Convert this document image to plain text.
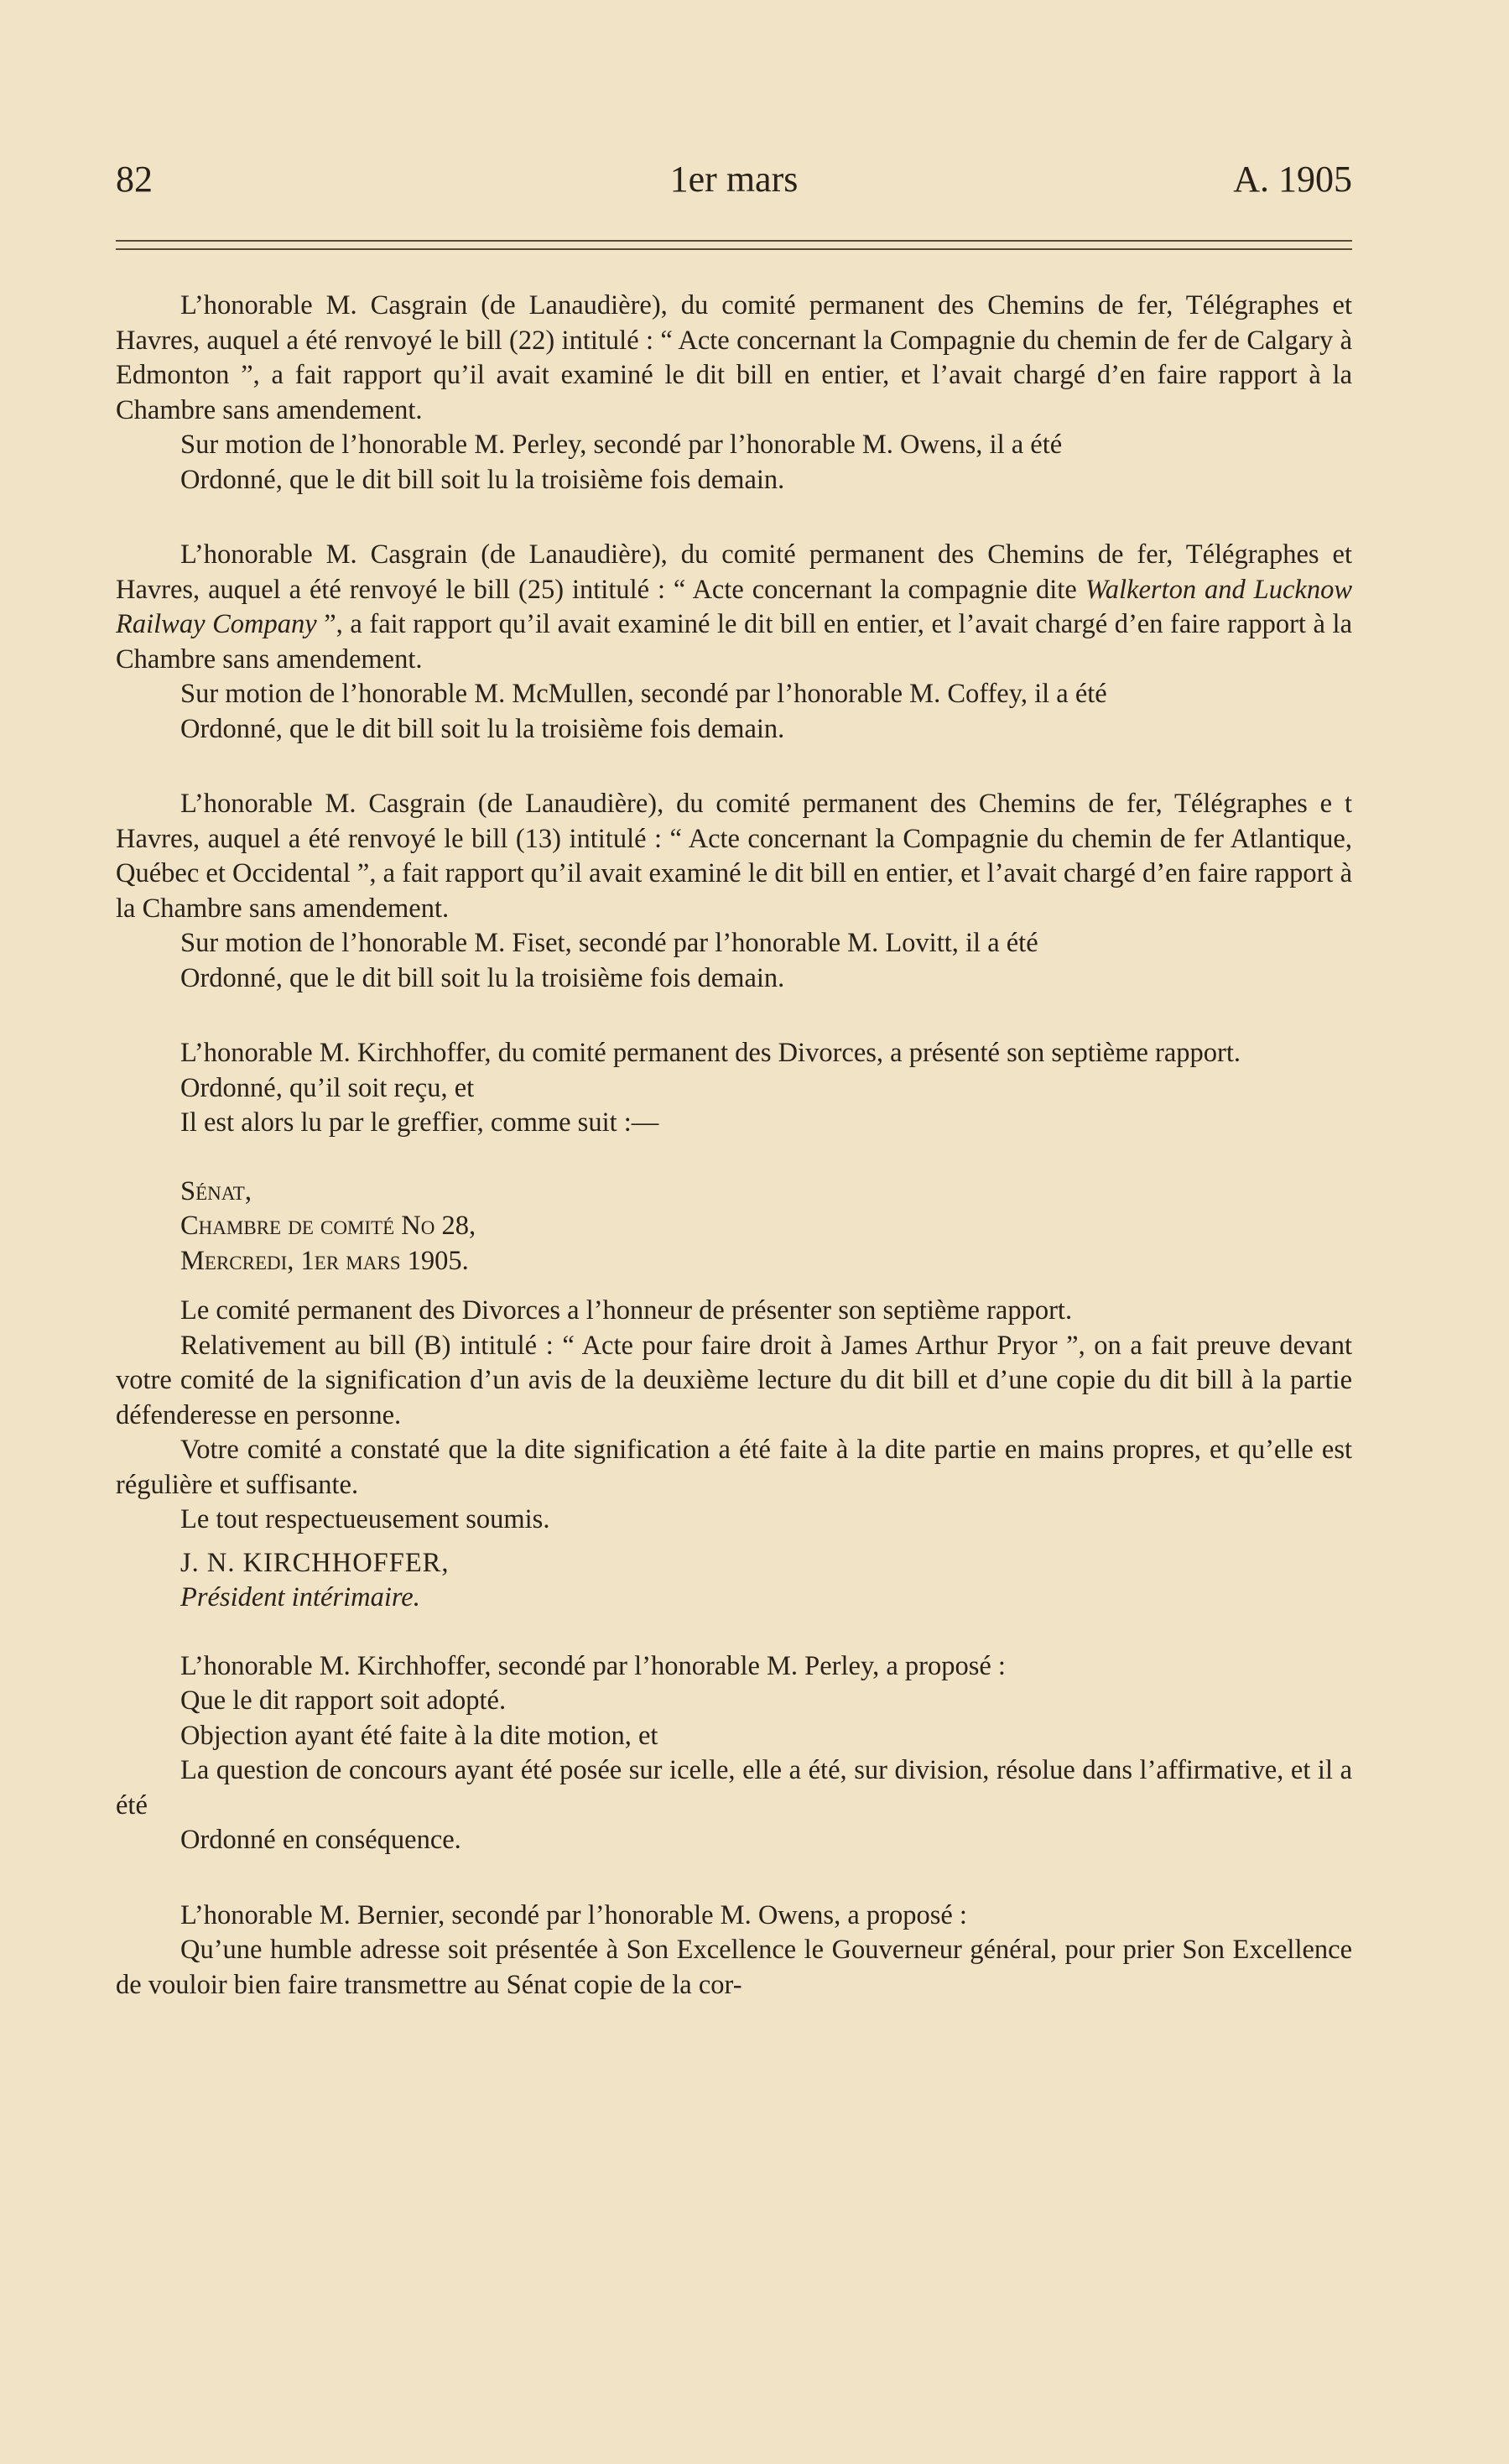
82	1er mars	A. 1905

L’honorable M. Casgrain (de Lanaudière), du comité permanent des Chemins de fer, Télégraphes et Havres, auquel a été renvoyé le bill (22) intitulé : “ Acte concernant la Compagnie du chemin de fer de Calgary à Edmonton ”, a fait rapport qu’il avait examiné le dit bill en entier, et l’avait chargé d’en faire rapport à la Chambre sans amendement.

Sur motion de l’honorable M. Perley, secondé par l’honorable M. Owens, il a été

Ordonné, que le dit bill soit lu la troisième fois demain.

L’honorable M. Casgrain (de Lanaudière), du comité permanent des Chemins de fer, Télégraphes et Havres, auquel a été renvoyé le bill (25) intitulé : “ Acte concernant la compagnie dite Walkerton and Lucknow Railway Company ”, a fait rapport qu’il avait examiné le dit bill en entier, et l’avait chargé d’en faire rapport à la Chambre sans amendement.

Sur motion de l’honorable M. McMullen, secondé par l’honorable M. Coffey, il a été

Ordonné, que le dit bill soit lu la troisième fois demain.

L’honorable M. Casgrain (de Lanaudière), du comité permanent des Chemins de fer, Télégraphes e t Havres, auquel a été renvoyé le bill (13) intitulé : “ Acte concernant la Compagnie du chemin de fer Atlantique, Québec et Occidental ”, a fait rapport qu’il avait examiné le dit bill en entier, et l’avait chargé d’en faire rapport à la Chambre sans amendement.

Sur motion de l’honorable M. Fiset, secondé par l’honorable M. Lovitt, il a été

Ordonné, que le dit bill soit lu la troisième fois demain.

L’honorable M. Kirchhoffer, du comité permanent des Divorces, a présenté son septième rapport.

Ordonné, qu’il soit reçu, et

Il est alors lu par le greffier, comme suit :—

Sénat,

Chambre de comité No 28,

Mercredi, 1er mars 1905.

Le comité permanent des Divorces a l’honneur de présenter son septième rapport.

Relativement au bill (B) intitulé : “ Acte pour faire droit à James Arthur Pryor ”, on a fait preuve devant votre comité de la signification d’un avis de la deuxième lecture du dit bill et d’une copie du dit bill à la partie défenderesse en personne.

Votre comité a constaté que la dite signification a été faite à la dite partie en mains propres, et qu’elle est régulière et suffisante.

Le tout respectueusement soumis.

J. N. KIRCHHOFFER,

Président intérimaire.

L’honorable M. Kirchhoffer, secondé par l’honorable M. Perley, a proposé :

Que le dit rapport soit adopté.

Objection ayant été faite à la dite motion, et

La question de concours ayant été posée sur icelle, elle a été, sur division, résolue dans l’affirmative, et il a été

Ordonné en conséquence.

L’honorable M. Bernier, secondé par l’honorable M. Owens, a proposé :

Qu’une humble adresse soit présentée à Son Excellence le Gouverneur général, pour prier Son Excellence de vouloir bien faire transmettre au Sénat copie de la cor-
